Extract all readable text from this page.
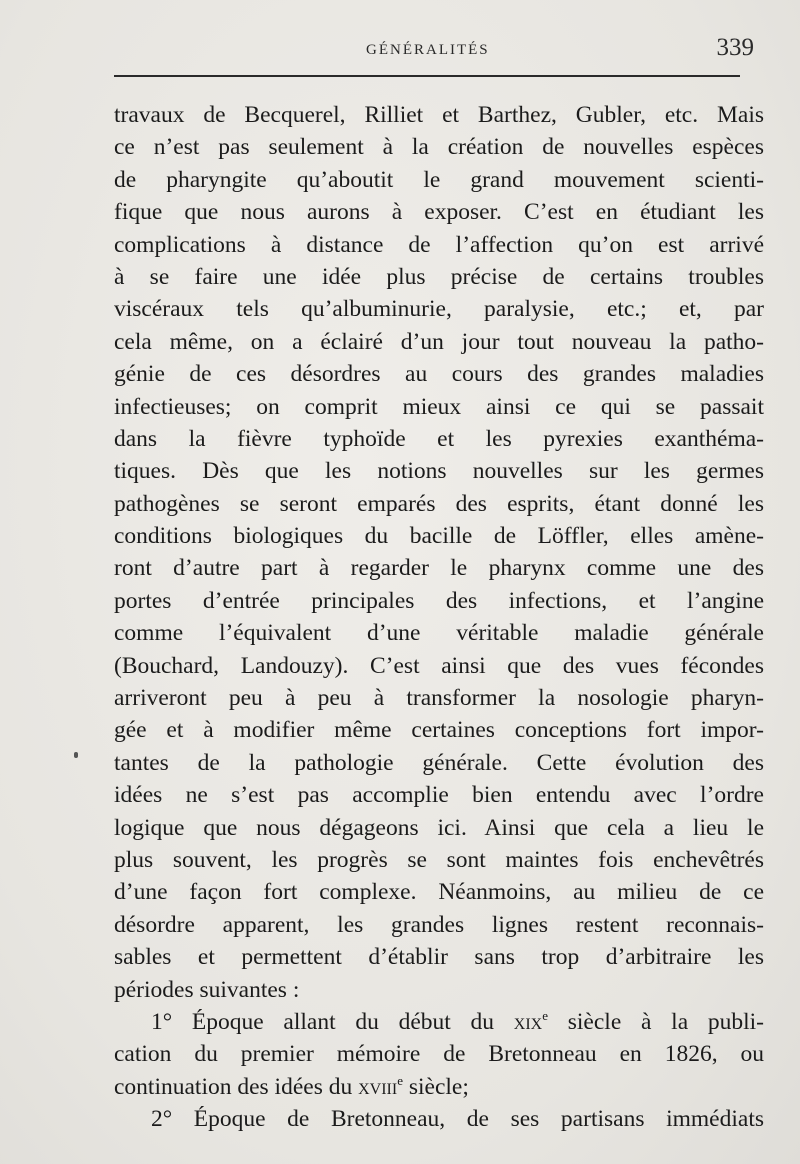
GÉNÉRALITÉS	339
travaux de Becquerel, Rilliet et Barthez, Gubler, etc. Mais
ce n’est pas seulement à la création de nouvelles espèces
de pharyngite qu’aboutit le grand mouvement scienti-
fique que nous aurons à exposer. C’est en étudiant les
complications à distance de l’affection qu’on est arrivé
à se faire une idée plus précise de certains troubles
viscéraux tels qu’albuminurie, paralysie, etc.; et, par
cela même, on a éclairé d’un jour tout nouveau la patho-
génie de ces désordres au cours des grandes maladies
infectieuses; on comprit mieux ainsi ce qui se passait
dans la fièvre typhoïde et les pyrexies exanthéma-
tiques. Dès que les notions nouvelles sur les germes
pathogènes se seront emparés des esprits, étant donné les
conditions biologiques du bacille de Löffler, elles amène-
ront d’autre part à regarder le pharynx comme une des
portes d’entrée principales des infections, et l’angine
comme l’équivalent d’une véritable maladie générale
(Bouchard, Landouzy). C’est ainsi que des vues fécondes
arriveront peu à peu à transformer la nosologie pharyn-
gée et à modifier même certaines conceptions fort impor-
tantes de la pathologie générale. Cette évolution des
idées ne s’est pas accomplie bien entendu avec l’ordre
logique que nous dégageons ici. Ainsi que cela a lieu le
plus souvent, les progrès se sont maintes fois enchevêtrés
d’une façon fort complexe. Néanmoins, au milieu de ce
désordre apparent, les grandes lignes restent reconnais-
sables et permettent d’établir sans trop d’arbitraire les
périodes suivantes :
1° Époque allant du début du xix$^e$ siècle à la publi-
cation du premier mémoire de Bretonneau en 1826, ou
continuation des idées du xviii$^e$ siècle;
2° Époque de Bretonneau, de ses partisans immédiats
